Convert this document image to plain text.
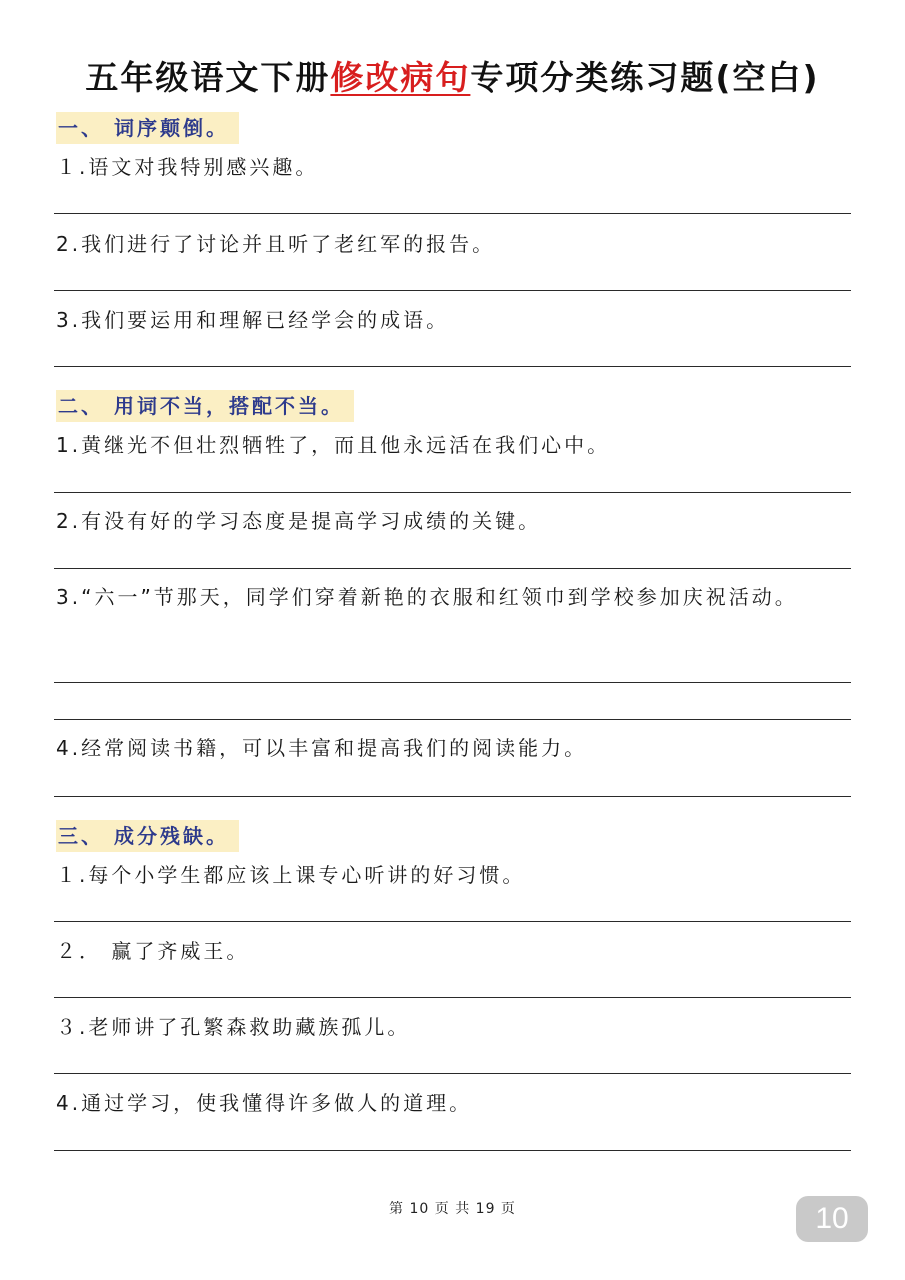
五年级语文下册修改病句专项分类练习题(空白)
一、 词序颠倒。
１.语文对我特别感兴趣。
2.我们进行了讨论并且听了老红军的报告。
3.我们要运用和理解已经学会的成语。
二、 用词不当，搭配不当。
1.黄继光不但壮烈牺牲了，而且他永远活在我们心中。
2.有没有好的学习态度是提高学习成绩的关键。
3.“六一”节那天，同学们穿着新艳的衣服和红领巾到学校参加庆祝活动。
4.经常阅读书籍，可以丰富和提高我们的阅读能力。
三、 成分残缺。
１.每个小学生都应该上课专心听讲的好习惯。
２． 赢了齐威王。
３.老师讲了孔繁森救助藏族孤儿。
4.通过学习，使我懂得许多做人的道理。
第 10 页 共 19 页	10
